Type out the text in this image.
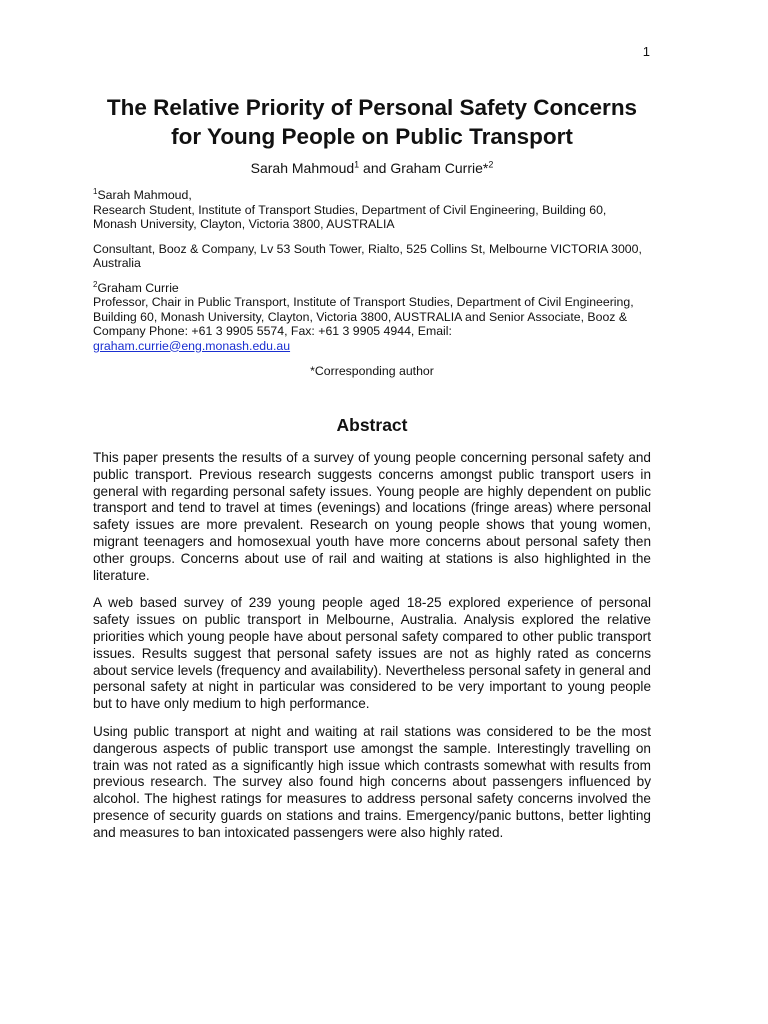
1
The Relative Priority of Personal Safety Concerns for Young People on Public Transport
Sarah Mahmoud$^1$ and Graham Currie*$^2$
$^1$Sarah Mahmoud,
Research Student, Institute of Transport Studies, Department of Civil Engineering, Building 60, Monash University, Clayton, Victoria 3800, AUSTRALIA
Consultant, Booz & Company, Lv 53 South Tower, Rialto, 525 Collins St, Melbourne VICTORIA 3000, Australia
$^2$Graham Currie
Professor, Chair in Public Transport, Institute of Transport Studies, Department of Civil Engineering, Building 60, Monash University, Clayton, Victoria 3800, AUSTRALIA and Senior Associate, Booz & Company Phone: +61 3 9905 5574, Fax: +61 3 9905 4944, Email:
graham.currie@eng.monash.edu.au
*Corresponding author
Abstract

This paper presents the results of a survey of young people concerning personal safety and public transport. Previous research suggests concerns amongst public transport users in general with regarding personal safety issues. Young people are highly dependent on public transport and tend to travel at times (evenings) and locations (fringe areas) where personal safety issues are more prevalent. Research on young people shows that young women, migrant teenagers and homosexual youth have more concerns about personal safety then other groups. Concerns about use of rail and waiting at stations is also highlighted in the literature.

A web based survey of 239 young people aged 18-25 explored experience of personal safety issues on public transport in Melbourne, Australia. Analysis explored the relative priorities which young people have about personal safety compared to other public transport issues. Results suggest that personal safety issues are not as highly rated as concerns about service levels (frequency and availability). Nevertheless personal safety in general and personal safety at night in particular was considered to be very important to young people but to have only medium to high performance.

Using public transport at night and waiting at rail stations was considered to be the most dangerous aspects of public transport use amongst the sample. Interestingly travelling on train was not rated as a significantly high issue which contrasts somewhat with results from previous research. The survey also found high concerns about passengers influenced by alcohol. The highest ratings for measures to address personal safety concerns involved the presence of security guards on stations and trains. Emergency/panic buttons, better lighting and measures to ban intoxicated passengers were also highly rated.
